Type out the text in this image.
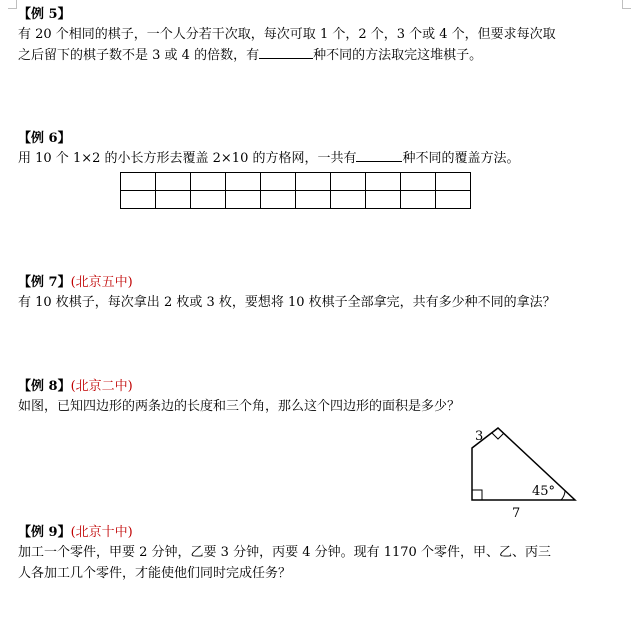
【例 5】
有 20 个相同的棋子，一个人分若干次取，每次可取 1 个，2 个，3 个或 4 个，但要求每次取
之后留下的棋子数不是 3 或 4 的倍数，有	种不同的方法取完这堆棋子。
【例 6】
用 10 个 1×2 的小长方形去覆盖 2×10 的方格网，一共有	种不同的覆盖方法。

【例 7】(北京五中)
有 10 枚棋子，每次拿出 2 枚或 3 枚，要想将 10 枚棋子全部拿完，共有多少种不同的拿法？
【例 8】(北京二中)
如图，已知四边形的两条边的长度和三个角，那么这个四边形的面积是多少？
3
45°
7
【例 9】(北京十中)
加工一个零件，甲要 2 分钟，乙要 3 分钟，丙要 4 分钟。现有 1170 个零件，甲、乙、丙三
人各加工几个零件，才能使他们同时完成任务？
